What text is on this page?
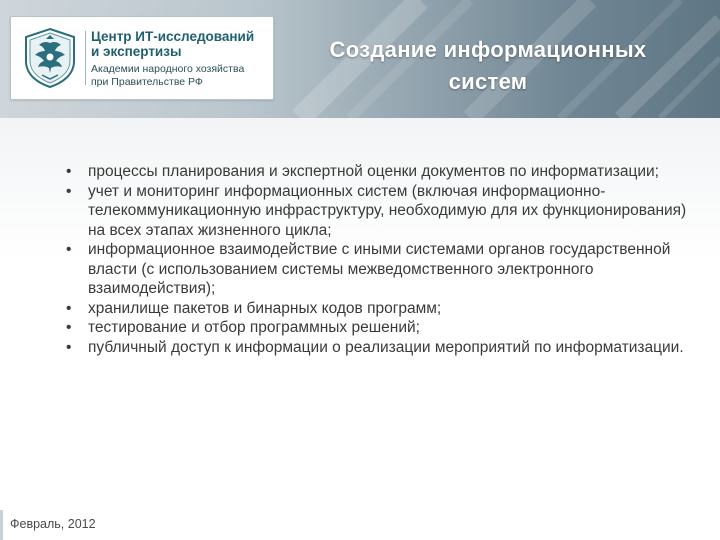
Центр ИТ-исследований
и экспертизы
Академии народного хозяйства
при Правительстве РФ
Создание информационных
систем
•	процессы планирования и экспертной оценки документов по информатизации;
•	учет и мониторинг информационных систем (включая информационно-телекоммуникационную инфраструктуру, необходимую для их функционирования) на всех этапах жизненного цикла;
•	информационное взаимодействие с иными системами органов государственной власти (с использованием системы межведомственного электронного взаимодействия);
•	хранилище пакетов и бинарных кодов программ;
•	тестирование и отбор программных решений;
•	публичный доступ к информации о реализации мероприятий по информатизации.
Февраль, 2012
